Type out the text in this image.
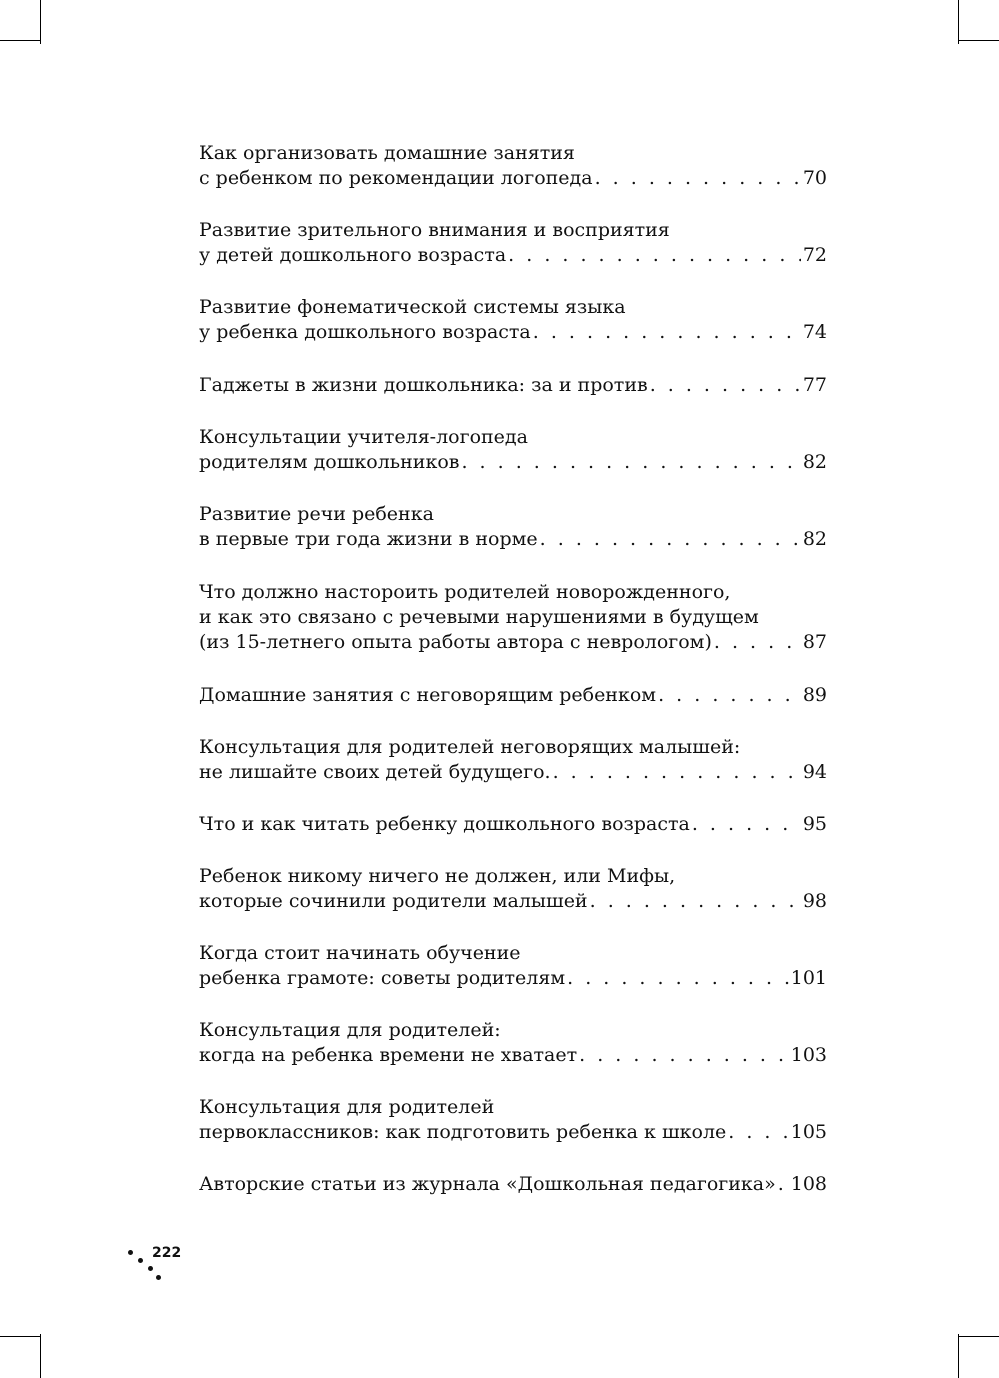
Как организовать домашние занятия
с ребенком по рекомендации логопеда . . .	70
Развитие зрительного внимания и восприятия
у детей дошкольного возраста . . .	72
Развитие фонематической системы языка
у ребенка дошкольного возраста . . .	74
Гаджеты в жизни дошкольника: за и против . . .	77
Консультации учителя-логопеда
родителям дошкольников . . .	82
Развитие речи ребенка
в первые три года жизни в норме . . .	82
Что должно настороить родителей новорожденного,
и как это связано с речевыми нарушениями в будущем
(из 15-летнего опыта работы автора с неврологом) . . .	87
Домашние занятия с неговорящим ребенком . . .	89
Консультация для родителей неговорящих малышей:
не лишайте своих детей будущего. . . .	94
Что и как читать ребенку дошкольного возраста . . .	95
Ребенок никому ничего не должен, или Мифы,
которые сочинили родители малышей . . .	98
Когда стоит начинать обучение
ребенка грамоте: советы родителям . . .	101
Консультация для родителей:
когда на ребенка времени не хватает . . .	103
Консультация для родителей
первоклассников: как подготовить ребенка к школе . . .	105
Авторские статьи из журнала «Дошкольная педагогика» . . . 108
222
